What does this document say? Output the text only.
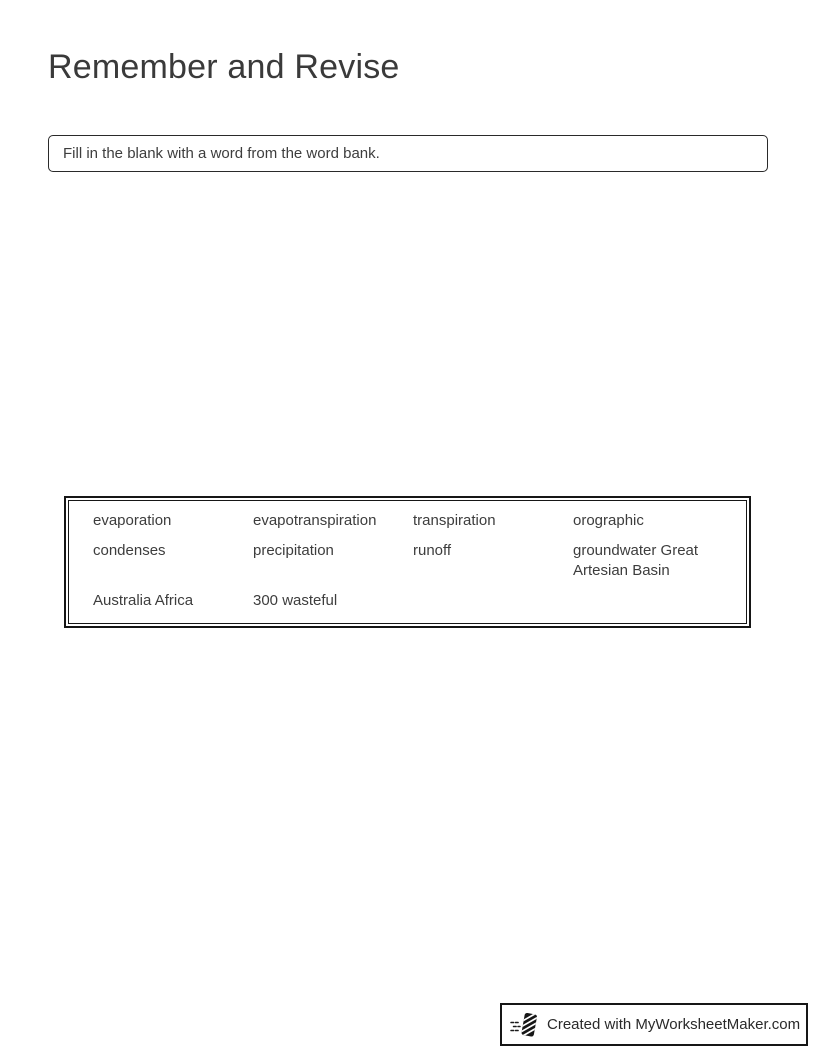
Remember and Revise
Fill in the blank with a word from the word bank.
evaporation	evapotranspiration	transpiration	orographic
condenses	precipitation	runoff	groundwater Great Artesian Basin
Australia Africa	300 wasteful
Created with MyWorksheetMaker.com
